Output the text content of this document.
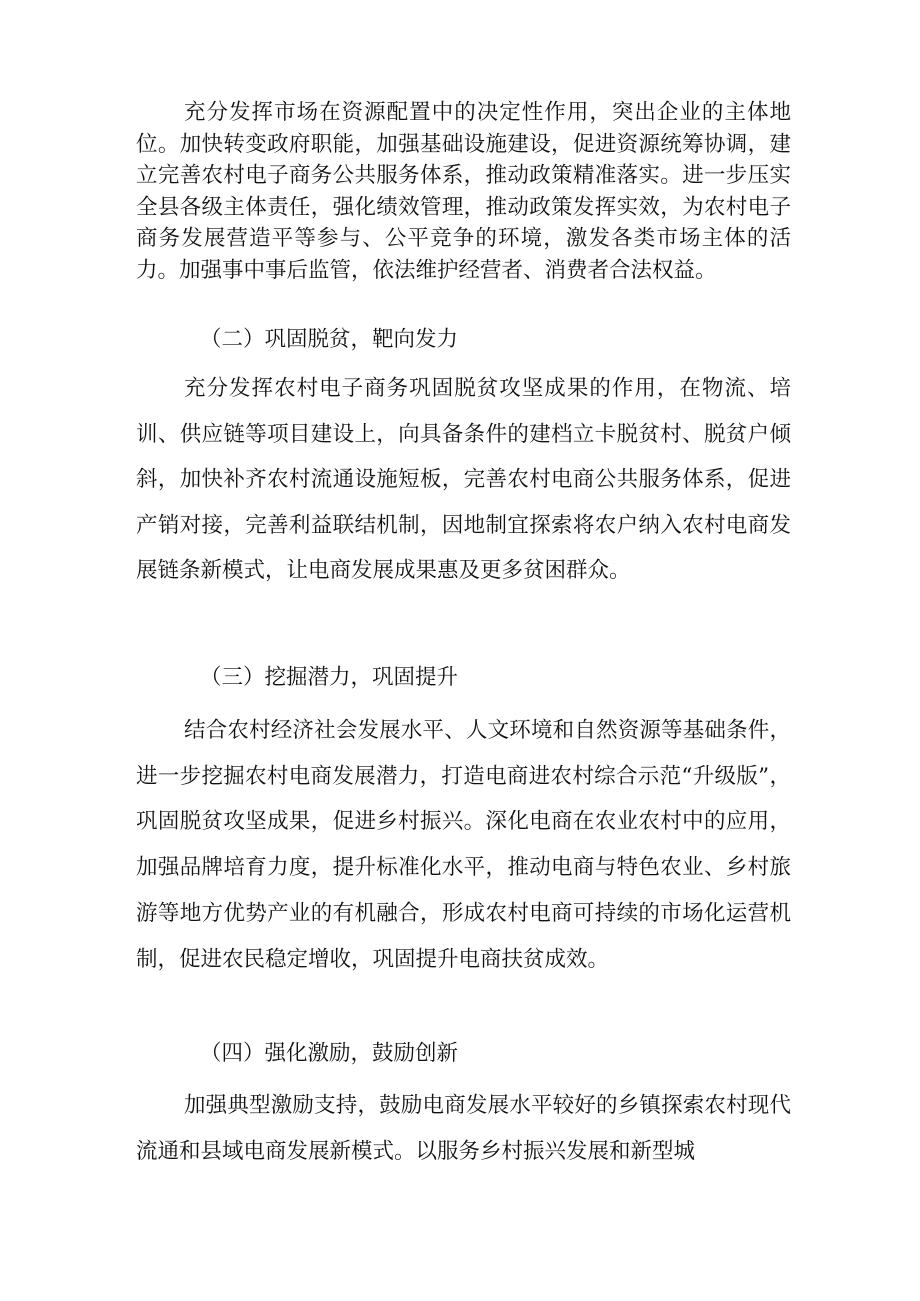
充分发挥市场在资源配置中的决定性作用，突出企业的主体地位。加快转变政府职能，加强基础设施建设，促进资源统筹协调，建立完善农村电子商务公共服务体系，推动政策精准落实。进一步压实全县各级主体责任，强化绩效管理，推动政策发挥实效，为农村电子商务发展营造平等参与、公平竞争的环境，激发各类市场主体的活力。加强事中事后监管，依法维护经营者、消费者合法权益。

（二）巩固脱贫，靶向发力

充分发挥农村电子商务巩固脱贫攻坚成果的作用，在物流、培训、供应链等项目建设上，向具备条件的建档立卡脱贫村、脱贫户倾斜，加快补齐农村流通设施短板，完善农村电商公共服务体系，促进产销对接，完善利益联结机制，因地制宜探索将农户纳入农村电商发展链条新模式，让电商发展成果惠及更多贫困群众。

（三）挖掘潜力，巩固提升

结合农村经济社会发展水平、人文环境和自然资源等基础条件，进一步挖掘农村电商发展潜力，打造电商进农村综合示范“升级版”，巩固脱贫攻坚成果，促进乡村振兴。深化电商在农业农村中的应用，加强品牌培育力度，提升标准化水平，推动电商与特色农业、乡村旅游等地方优势产业的有机融合，形成农村电商可持续的市场化运营机制，促进农民稳定增收，巩固提升电商扶贫成效。

（四）强化激励，鼓励创新

加强典型激励支持，鼓励电商发展水平较好的乡镇探索农村现代流通和县域电商发展新模式。以服务乡村振兴发展和新型城
